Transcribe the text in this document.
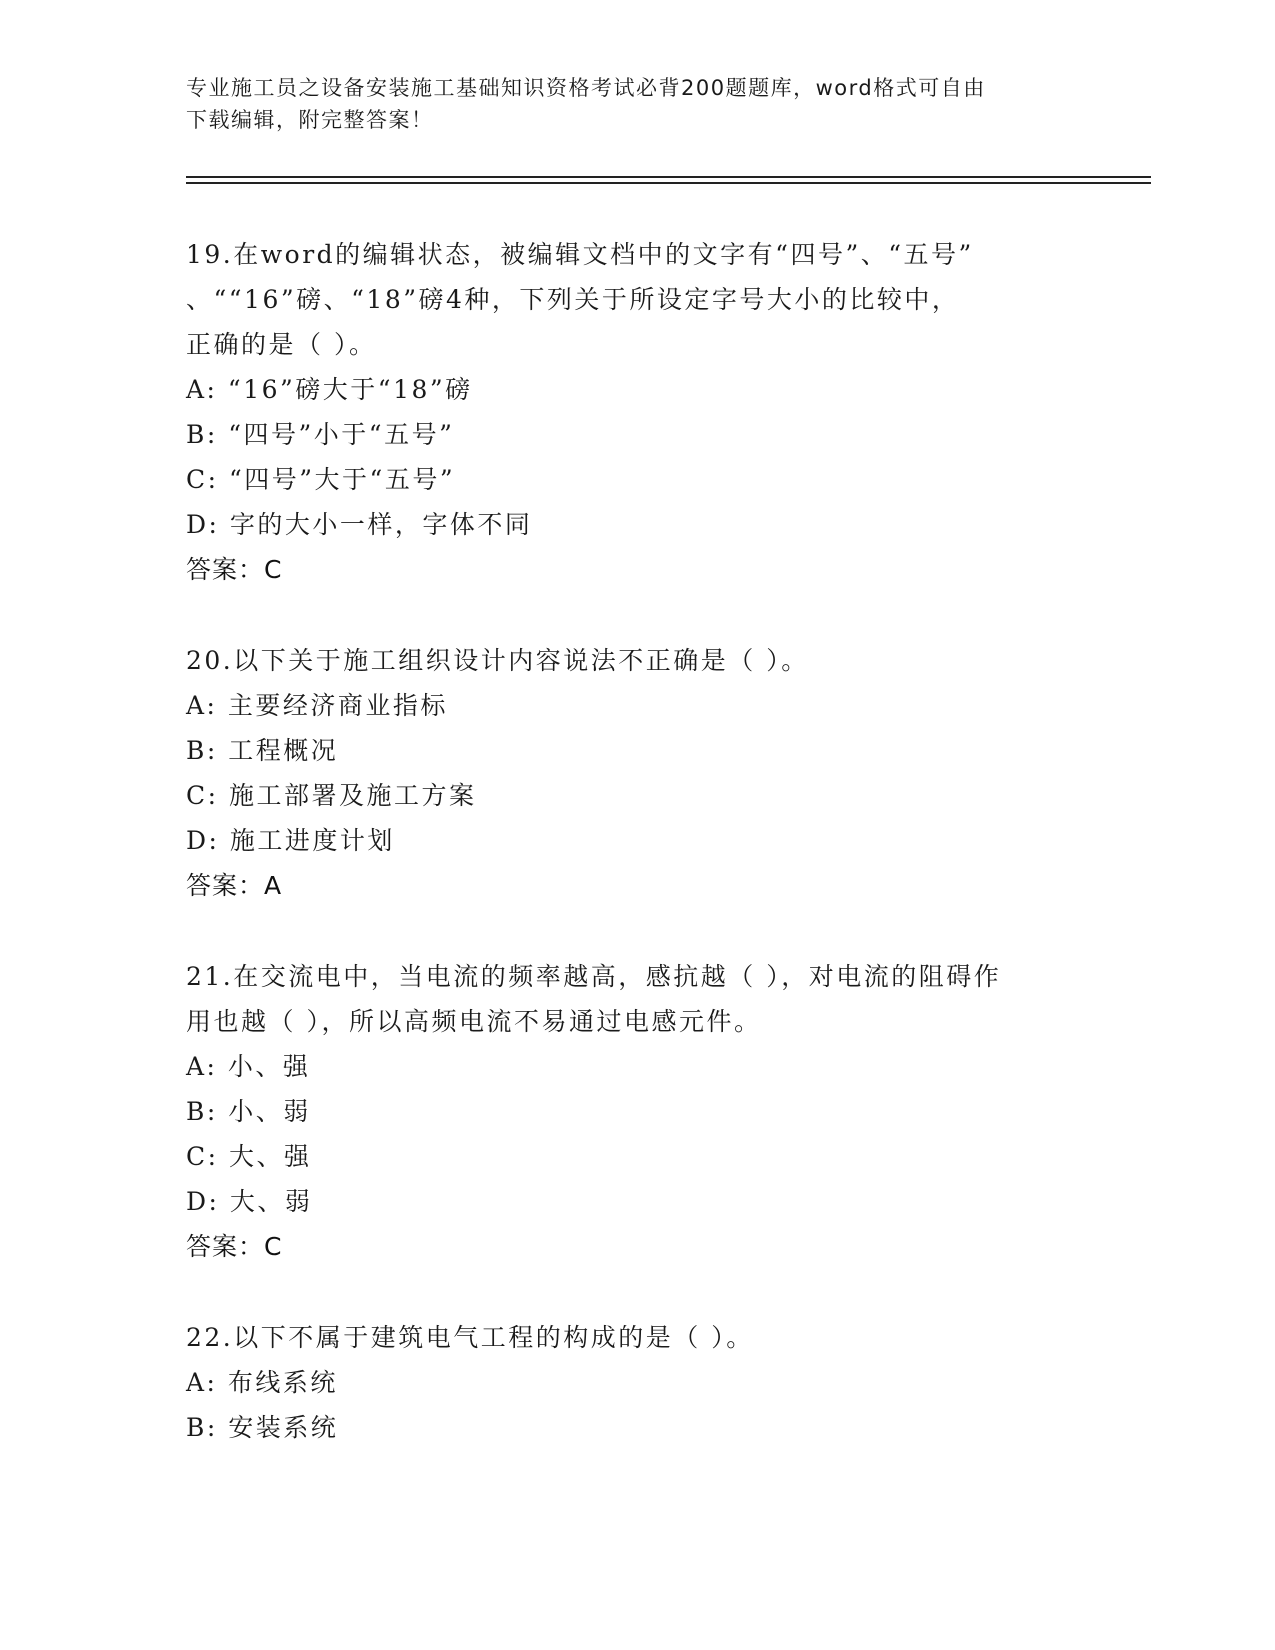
专业施工员之设备安装施工基础知识资格考试必背200题题库，word格式可自由
下载编辑，附完整答案！
19.在word的编辑状态，被编辑文档中的文字有“四号”、“五号”
、““16”磅、“18”磅4种，下列关于所设定字号大小的比较中，
正确的是（ ）。
A: “16”磅大于“18”磅
B: “四号”小于“五号”
C: “四号”大于“五号”
D: 字的大小一样，字体不同
答案：C
20.以下关于施工组织设计内容说法不正确是（ ）。
A: 主要经济商业指标
B: 工程概况
C: 施工部署及施工方案
D: 施工进度计划
答案：A
21.在交流电中，当电流的频率越高，感抗越（ ），对电流的阻碍作
用也越（ ），所以高频电流不易通过电感元件。
A: 小、强
B: 小、弱
C: 大、强
D: 大、弱
答案：C
22.以下不属于建筑电气工程的构成的是（ ）。
A: 布线系统
B: 安装系统
